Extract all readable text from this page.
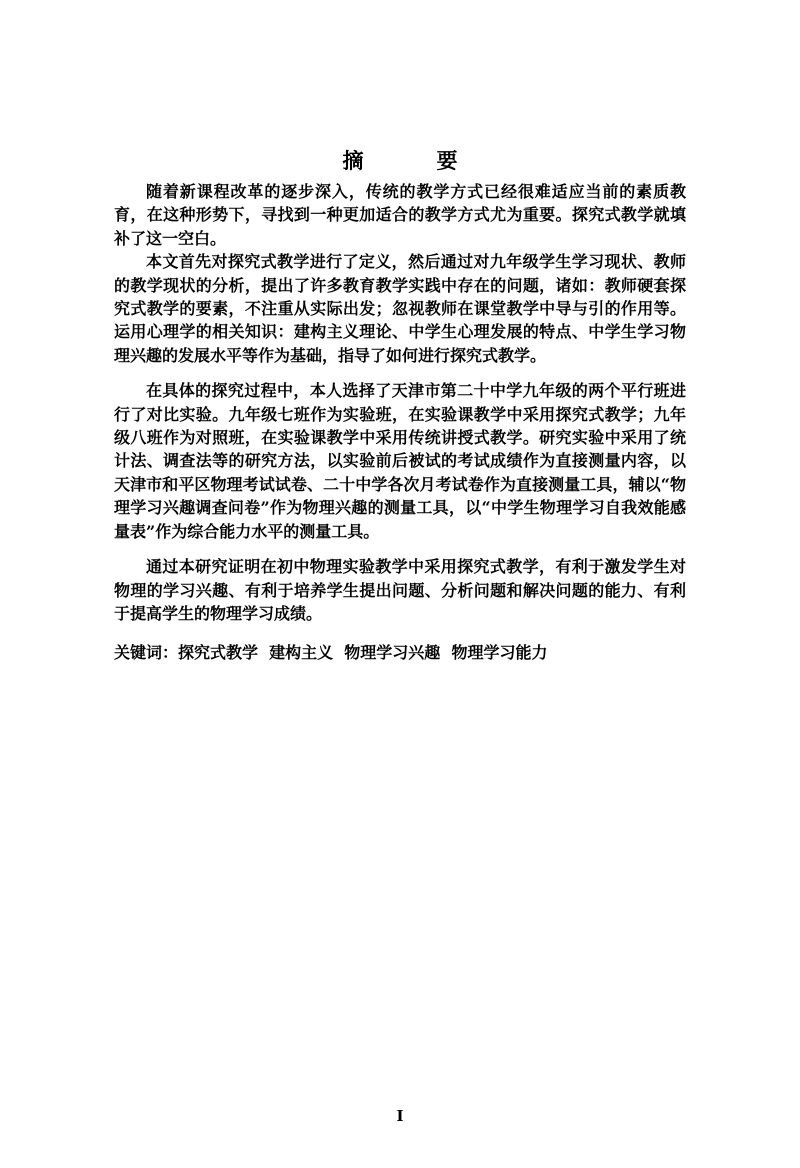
摘　要

随着新课程改革的逐步深入，传统的教学方式已经很难适应当前的素质教育，在这种形势下，寻找到一种更加适合的教学方式尤为重要。探究式教学就填补了这一空白。

本文首先对探究式教学进行了定义，然后通过对九年级学生学习现状、教师的教学现状的分析，提出了许多教育教学实践中存在的问题，诸如：教师硬套探究式教学的要素，不注重从实际出发；忽视教师在课堂教学中导与引的作用等。运用心理学的相关知识：建构主义理论、中学生心理发展的特点、中学生学习物理兴趣的发展水平等作为基础，指导了如何进行探究式教学。

在具体的探究过程中，本人选择了天津市第二十中学九年级的两个平行班进行了对比实验。九年级七班作为实验班，在实验课教学中采用探究式教学；九年级八班作为对照班，在实验课教学中采用传统讲授式教学。研究实验中采用了统计法、调查法等的研究方法，以实验前后被试的考试成绩作为直接测量内容，以天津市和平区物理考试试卷、二十中学各次月考试卷作为直接测量工具，辅以“物理学习兴趣调查问卷”作为物理兴趣的测量工具，以“中学生物理学习自我效能感量表”作为综合能力水平的测量工具。

通过本研究证明在初中物理实验教学中采用探究式教学，有利于激发学生对物理的学习兴趣、有利于培养学生提出问题、分析问题和解决问题的能力、有利于提高学生的物理学习成绩。

关键词：探究式教学  建构主义  物理学习兴趣  物理学习能力

I
